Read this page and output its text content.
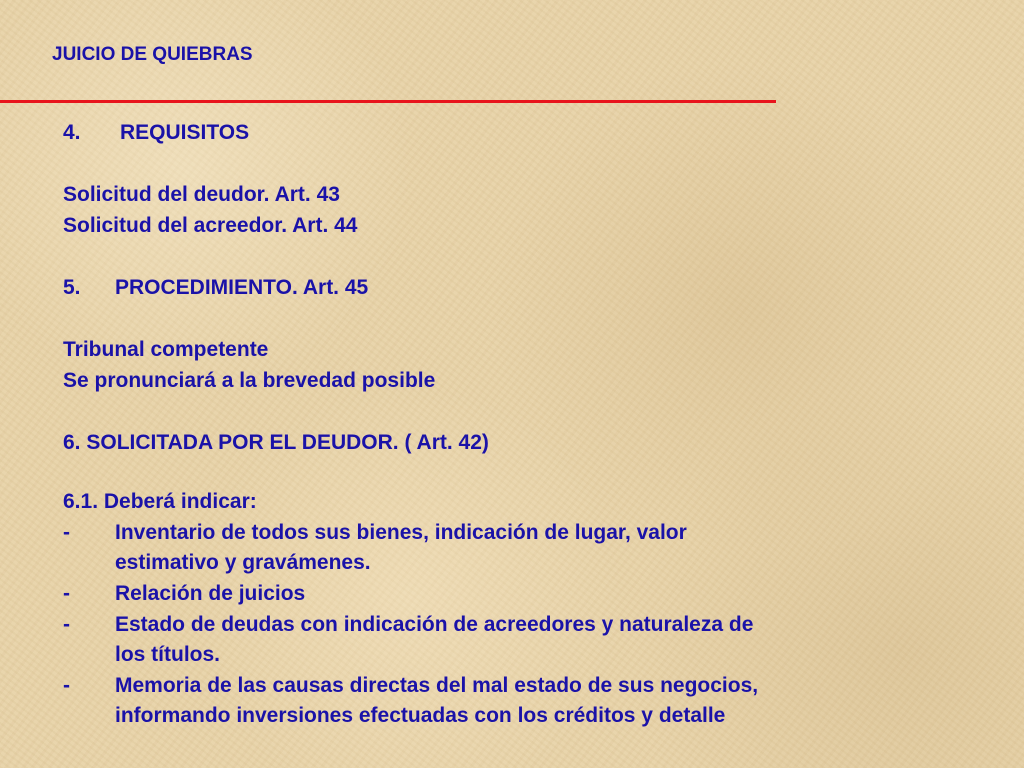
JUICIO DE QUIEBRAS
4. REQUISITOS
Solicitud del deudor. Art. 43
Solicitud del acreedor. Art. 44
5. PROCEDIMIENTO. Art. 45
Tribunal competente
Se pronunciará a la brevedad posible
6. SOLICITADA POR EL DEUDOR. ( Art. 42)
6.1. Deberá indicar:
- Inventario de todos sus bienes, indicación de lugar, valor
estimativo y gravámenes.
- Relación de juicios
- Estado de deudas con indicación de acreedores y naturaleza de
los títulos.
- Memoria de las causas directas del mal estado de sus negocios,
informando inversiones efectuadas con los créditos y detalle
